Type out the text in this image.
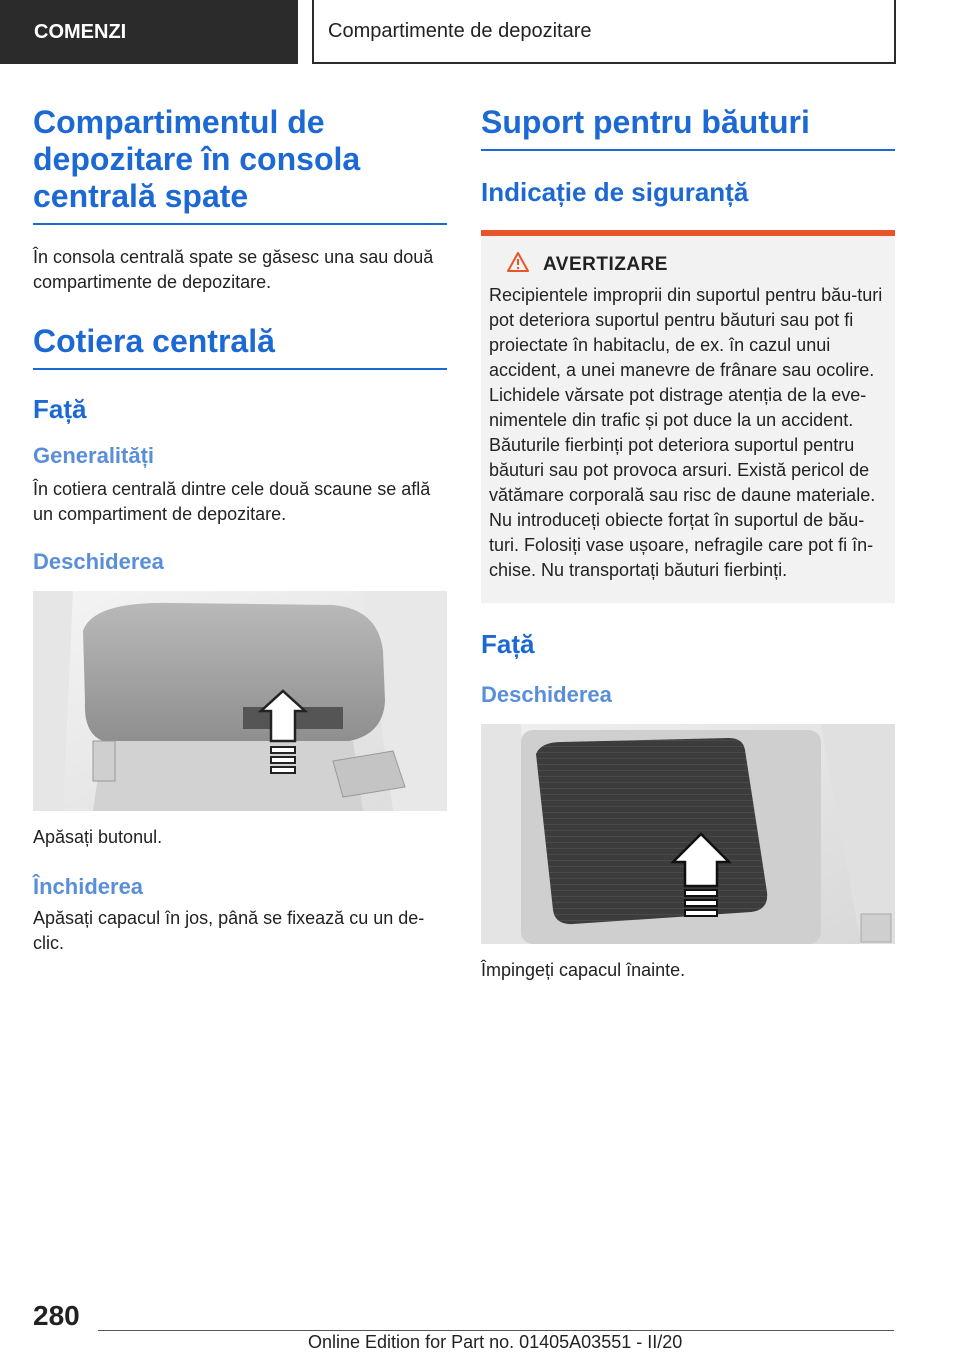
COMENZI	Compartimente de depozitare
Compartimentul de depozitare în consola centrală spate

În consola centrală spate se găsesc una sau două compartimente de depozitare.

Cotiera centrală
Față
Generalități

În cotiera centrală dintre cele două scaune se află un compartiment de depozitare.

Deschiderea

Apăsați butonul.

Închiderea

Apăsați capacul în jos, până se fixează cu un de-clic.

Suport pentru băuturi
Indicație de siguranță
AVERTIZARE

Recipientele improprii din suportul pentru bău-turi pot deteriora suportul pentru băuturi sau pot fi proiectate în habitaclu, de ex. în cazul unui accident, a unei manevre de frânare sau ocolire. Lichidele vărsate pot distrage atenția de la eve-nimentele din trafic și pot duce la un accident. Băuturile fierbinți pot deteriora suportul pentru băuturi sau pot provoca arsuri. Există pericol de vătămare corporală sau risc de daune materiale. Nu introduceți obiecte forțat în suportul de bău-turi. Folosiți vase ușoare, nefragile care pot fi în-chise. Nu transportați băuturi fierbinți.

Față
Deschiderea

Împingeți capacul înainte.

280
Online Edition for Part no. 01405A03551 - II/20
